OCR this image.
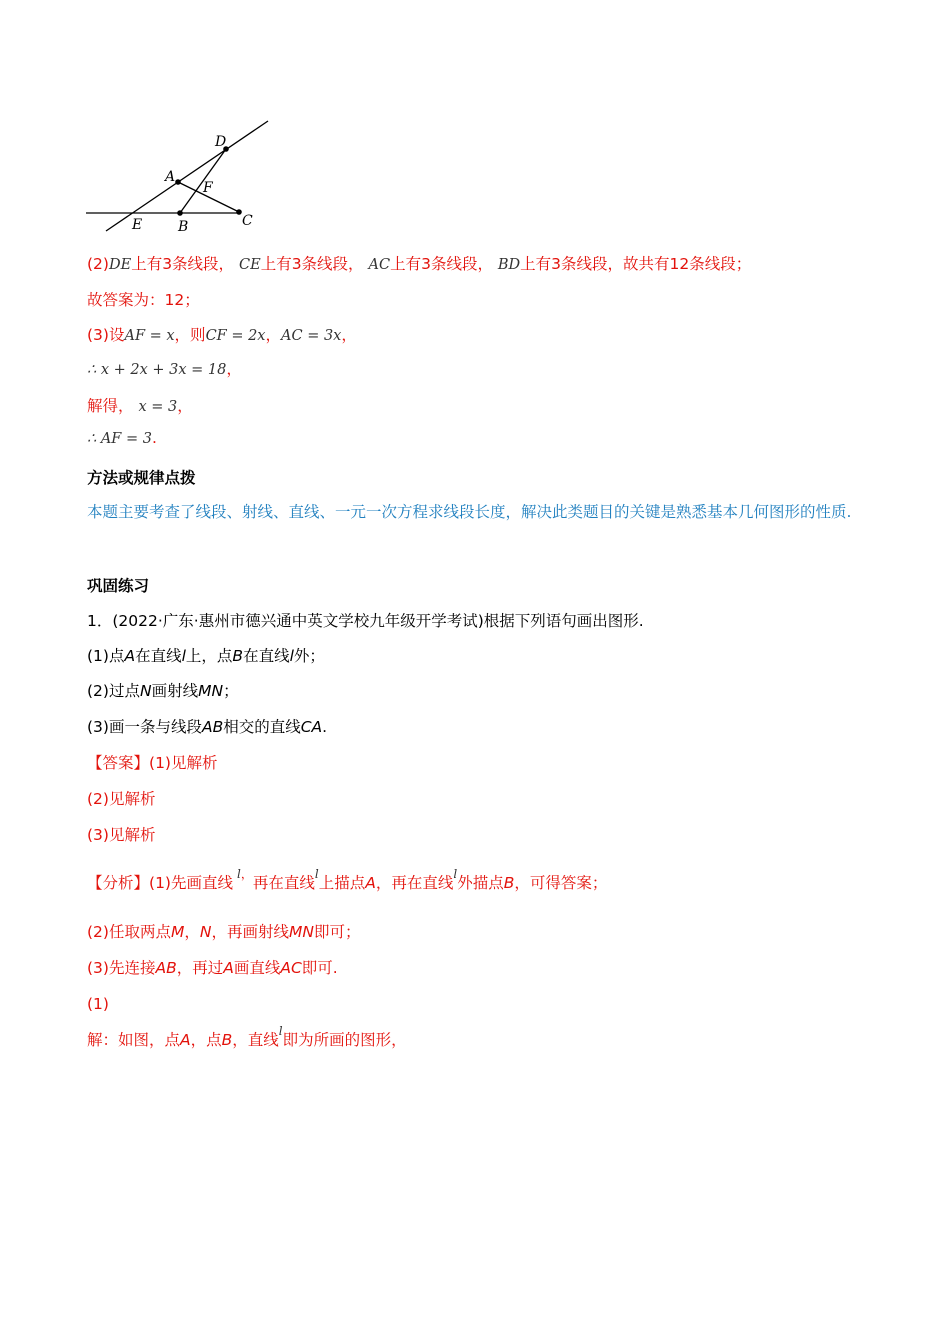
D
A
F
E	B	C
(2)DE上有3条线段， CE上有3条线段， AC上有3条线段， BD上有3条线段，故共有12条线段；
故答案为：12；
(3)设AF = x，则CF = 2x，AC = 3x，
∴ x + 2x + 3x = 18，
解得， x = 3，
∴ AF = 3.
方法或规律点拨
本题主要考查了线段、射线、直线、一元一次方程求线段长度，解决此类题目的关键是熟悉基本几何图形的性质.
巩固练习
1．(2022·广东·惠州市德兴通中英文学校九年级开学考试)根据下列语句画出图形.
(1)点A在直线l上，点B在直线l外；
(2)过点N画射线MN；
(3)画一条与线段AB相交的直线CA.
【答案】(1)见解析
(2)见解析
(3)见解析
【分析】(1)先画直线 $^{l,}$再在直线$^l$上描点A，再在直线$^l$外描点B，可得答案；
(2)任取两点M，N，再画射线MN即可；
(3)先连接AB，再过A画直线AC即可.
(1)
解：如图，点A，点B，直线$^l$即为所画的图形，
